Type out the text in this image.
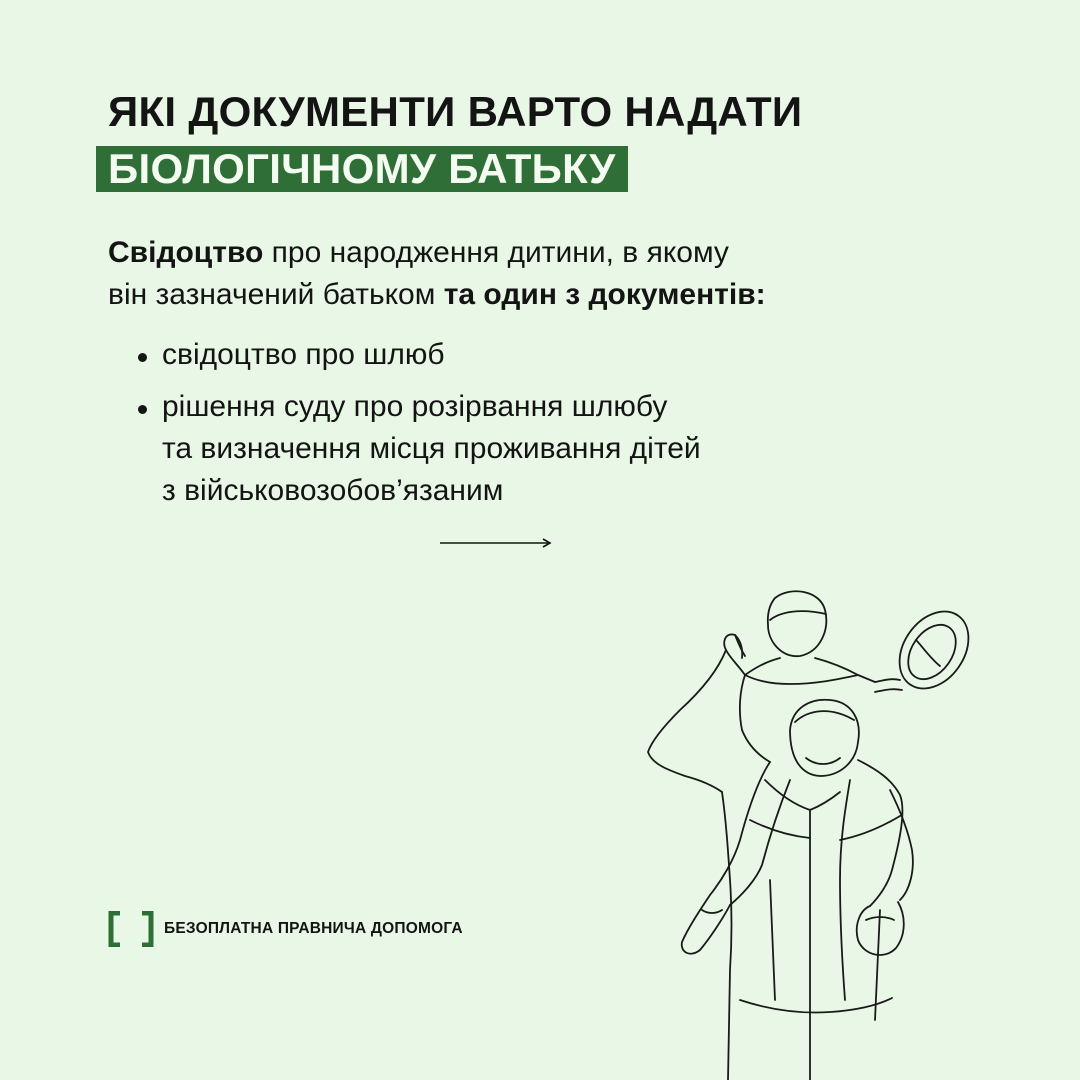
ЯКІ ДОКУМЕНТИ ВАРТО НАДАТИ
БІОЛОГІЧНОМУ БАТЬКУ
Свідоцтво про народження дитини, в якому
він зазначений батьком та один з документів:
свідоцтво про шлюб
рішення суду про розірвання шлюбу
та визначення місця проживання дітей
з військовозобов’язаним
БЕЗОПЛАТНА ПРАВНИЧА ДОПОМОГА
